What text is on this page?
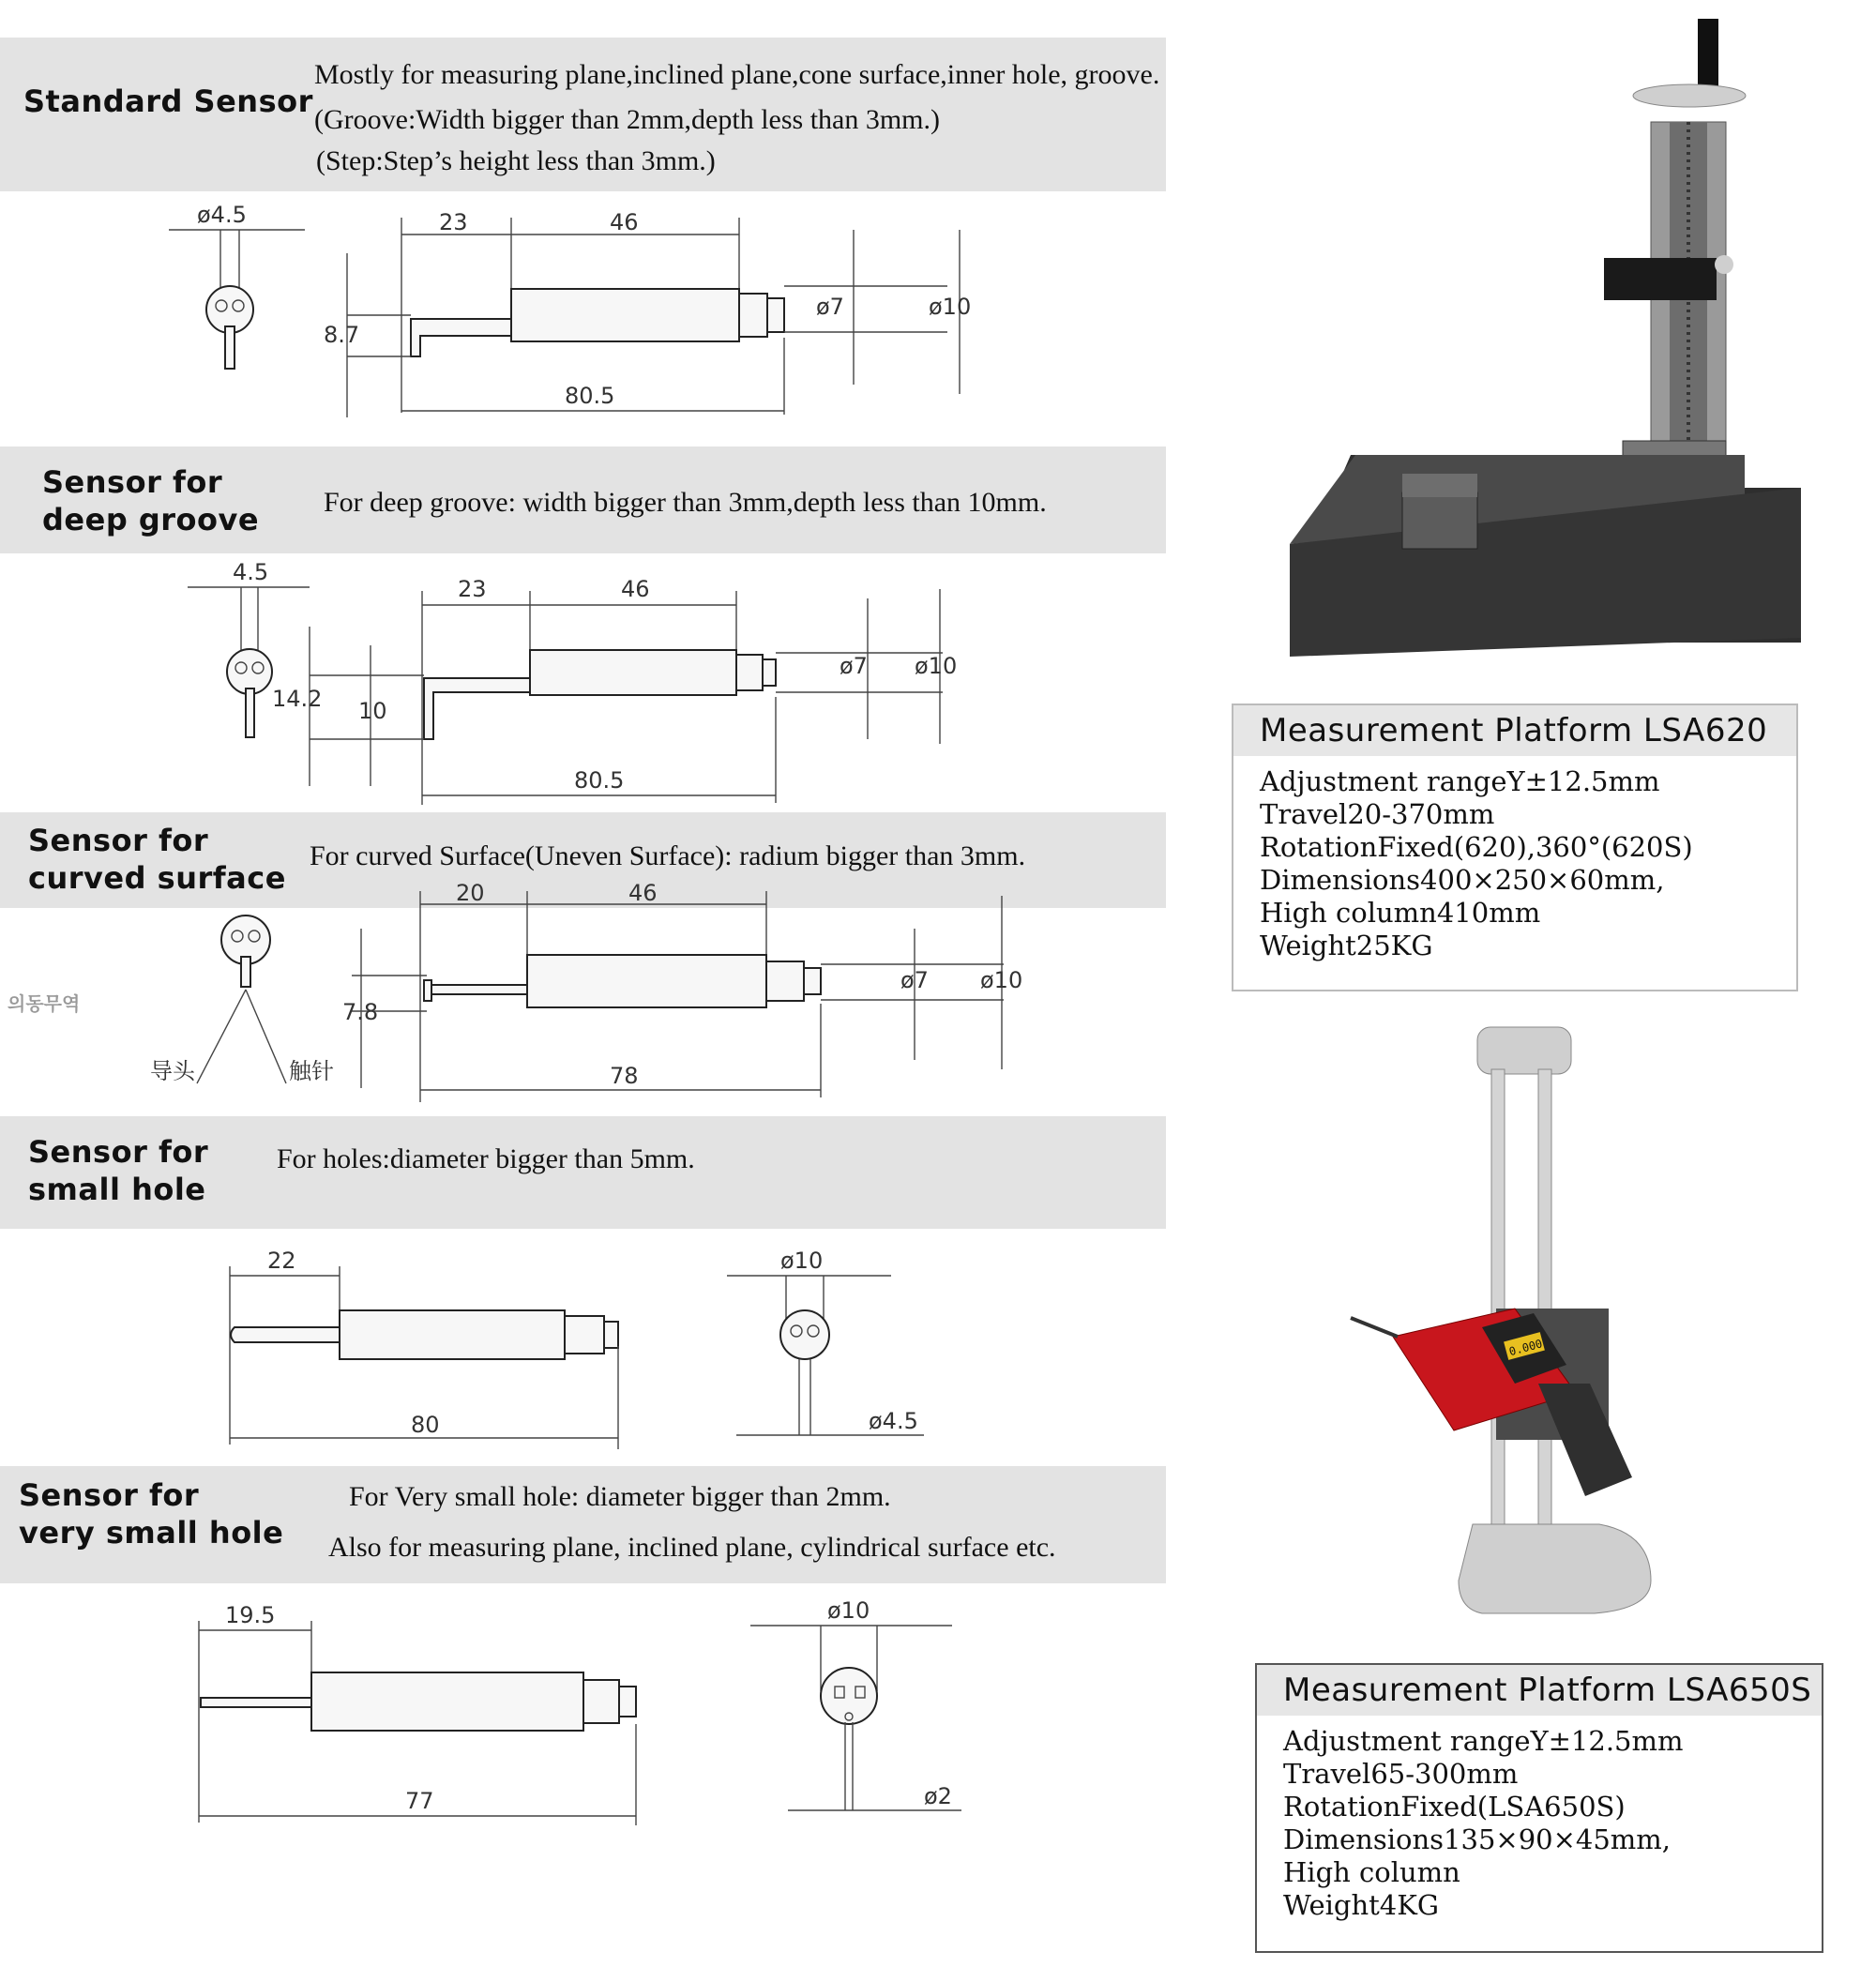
Standard Sensor
Mostly for measuring plane,inclined plane,cone surface,inner hole, groove.
(Groove:Width bigger than 2mm,depth less than 3mm.)
(Step:Step’s height less than 3mm.)
ø4.5	23	46
8.7
ø7	ø10
80.5
Sensor for
deep groove For deep groove: width bigger than 3mm,depth less than 10mm.
4.5
23	46
14.2 10
ø7 ø10
80.5
Sensor for
curved surface
For curved Surface(Uneven Surface): radium bigger than 3mm.
의동무역
导头	触针
20	46
7.8
ø7 ø10
78
Sensor for
small hole
For holes:diameter bigger than 5mm.
22
80
ø10
ø4.5
Sensor for
very small hole
For Very small hole: diameter bigger than 2mm.
Also for measuring plane, inclined plane, cylindrical surface etc.
19.5
77
ø10
ø2
Measurement Platform LSA620
Adjustment rangeY±12.5mm
Travel20-370mm
RotationFixed(620),360°(620S)
Dimensions400×250×60mm,
High column410mm
Weight25KG
0.000
Measurement Platform LSA650S
Adjustment rangeY±12.5mm
Travel65-300mm
RotationFixed(LSA650S)
Dimensions135×90×45mm,
High column
Weight4KG
